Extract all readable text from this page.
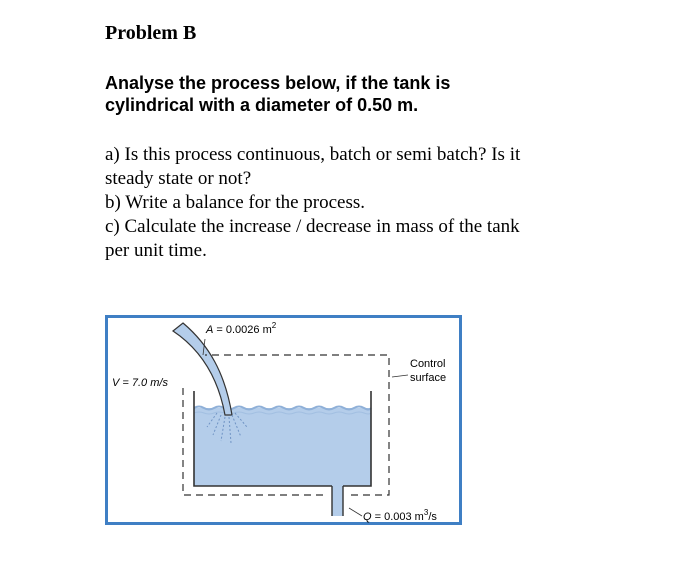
Problem B
Analyse the process below, if the tank is
cylindrical with a diameter of 0.50 m.
a) Is this process continuous, batch or semi batch? Is it
steady state or not?
b) Write a balance for the process.
c) Calculate the increase / decrease in mass of the tank
per unit time.
A = 0.0026 $m^2$
V = 7.0 m/s
Control
surface
Q = 0.003 $m^3/s$
